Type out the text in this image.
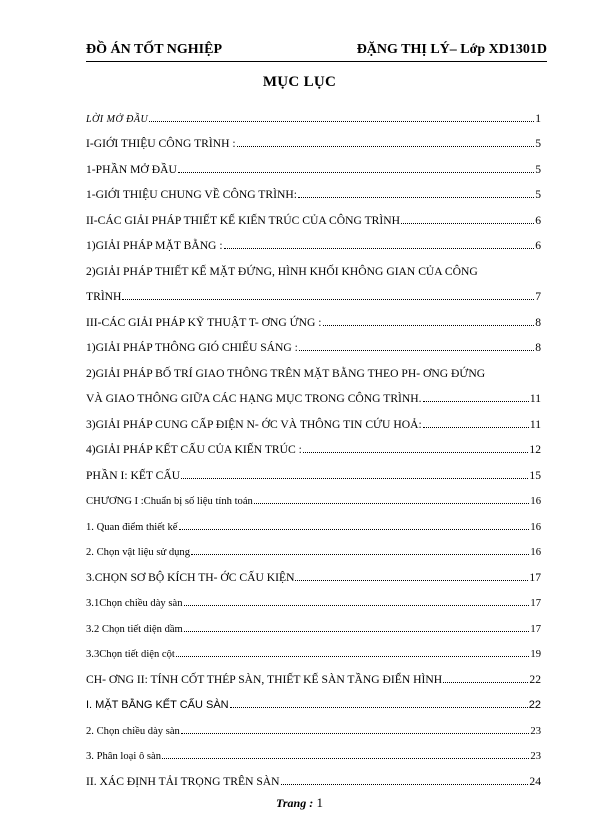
ĐỒ ÁN TỐT NGHIỆP	ĐẶNG THỊ LÝ– Lớp XD1301D
MỤC LỤC
LỜI MỞ ĐẦU	1
I-GIỚI THIỆU CÔNG TRÌNH :	5
1-PHẦN MỞ ĐẦU	5
1-GIỚI THIỆU CHUNG VỀ CÔNG TRÌNH:	5
II-CÁC GIẢI PHÁP THIẾT KẾ KIẾN TRÚC CỦA CÔNG TRÌNH	6
1)GIẢI PHÁP MẶT BẰNG :	6
2)GIẢI PHÁP THIẾT KẾ MẶT ĐỨNG, HÌNH KHỐI KHÔNG GIAN CỦA CÔNG
TRÌNH	7
III-CÁC GIẢI PHÁP KỸ THUẬT T- ƠNG ỨNG :	8
1)GIẢI PHÁP THÔNG GIÓ CHIẾU SÁNG :	8
2)GIẢI PHÁP BỐ TRÍ GIAO THÔNG TRÊN MẶT BẰNG THEO PH- ƠNG ĐỨNG
VÀ GIAO THÔNG GIỮA CÁC HẠNG MỤC TRONG CÔNG TRÌNH.	11
3)GIẢI PHÁP CUNG CẤP ĐIỆN N- ỚC VÀ THÔNG TIN CỨU HOẢ:	11
4)GIẢI PHÁP KẾT CẤU CỦA KIẾN TRÚC :	12
PHẦN I: KẾT CẤU	15
CHƯƠNG I :Chuẩn bị số liệu tính toán	16
1. Quan điểm thiết kế	16
2. Chọn vật liệu sử dụng	16
3.CHỌN SƠ BỘ KÍCH TH- ỚC CẤU KIỆN	17
3.1Chọn chiều dày sàn	17
3.2 Chọn tiết diện dầm	17
3.3Chọn tiết diện cột	19
CH- ƠNG II: TÍNH CỐT THÉP SÀN, THIẾT KẾ SÀN TẦNG ĐIỂN HÌNH	22
I. MẶT BẰNG KẾT CẤU SÀN	22
2. Chọn chiều dày sàn	23
3. Phân loại ô sàn	23
II. XÁC ĐỊNH TẢI TRỌNG TRÊN SÀN	24
Trang : 1
